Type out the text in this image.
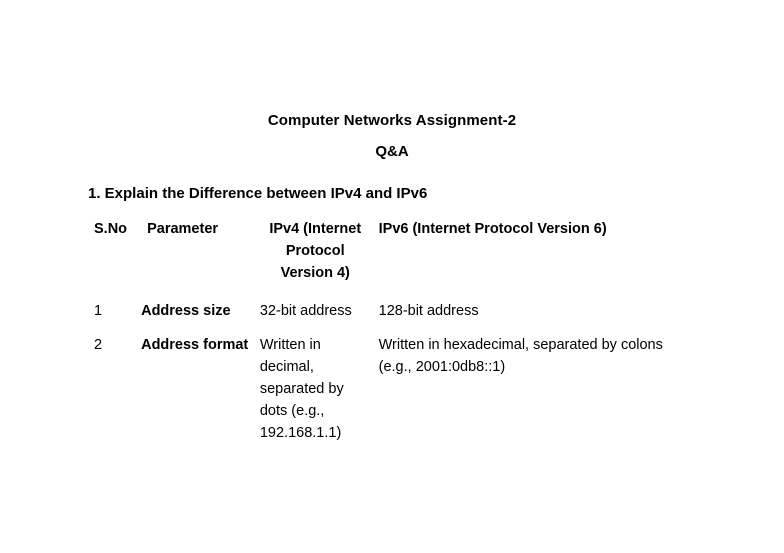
Computer Networks Assignment-2
Q&A
1. Explain the Difference between IPv4 and IPv6
S.No	Parameter	IPv4 (Internet Protocol Version 4)	IPv6 (Internet Protocol Version 6)
1	Address size	32-bit address	128-bit address
2	Address format	Written in decimal, separated by dots (e.g., 192.168.1.1)	Written in hexadecimal, separated by colons (e.g., 2001:0db8::1)
